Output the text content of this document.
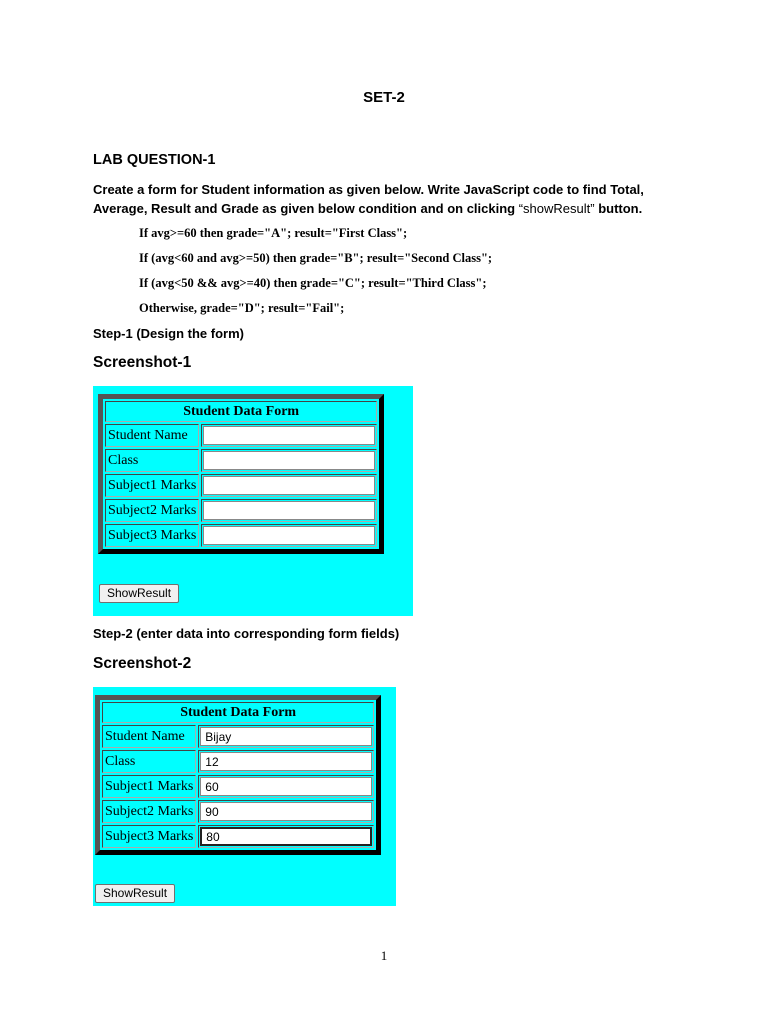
SET-2
LAB QUESTION-1
Create a form for Student information as given below. Write JavaScript code to find Total, Average, Result and Grade as given below condition and on clicking “showResult” button.
If avg>=60 then grade="A"; result="First Class";
If (avg<60 and avg>=50) then grade="B"; result="Second Class";
If (avg<50 && avg>=40) then grade="C"; result="Third Class";
Otherwise, grade="D"; result="Fail";
Step-1 (Design the form)
Screenshot-1
Student Data Form	
Student Name	
Class	
Subject1 Marks	
Subject2 Marks	
Subject3 Marks	
ShowResult
Step-2 (enter data into corresponding form fields)
Screenshot-2
Student Data Form	
Student Name	Bijay
Class	12
Subject1 Marks	60
Subject2 Marks	90
Subject3 Marks	80
ShowResult
1
